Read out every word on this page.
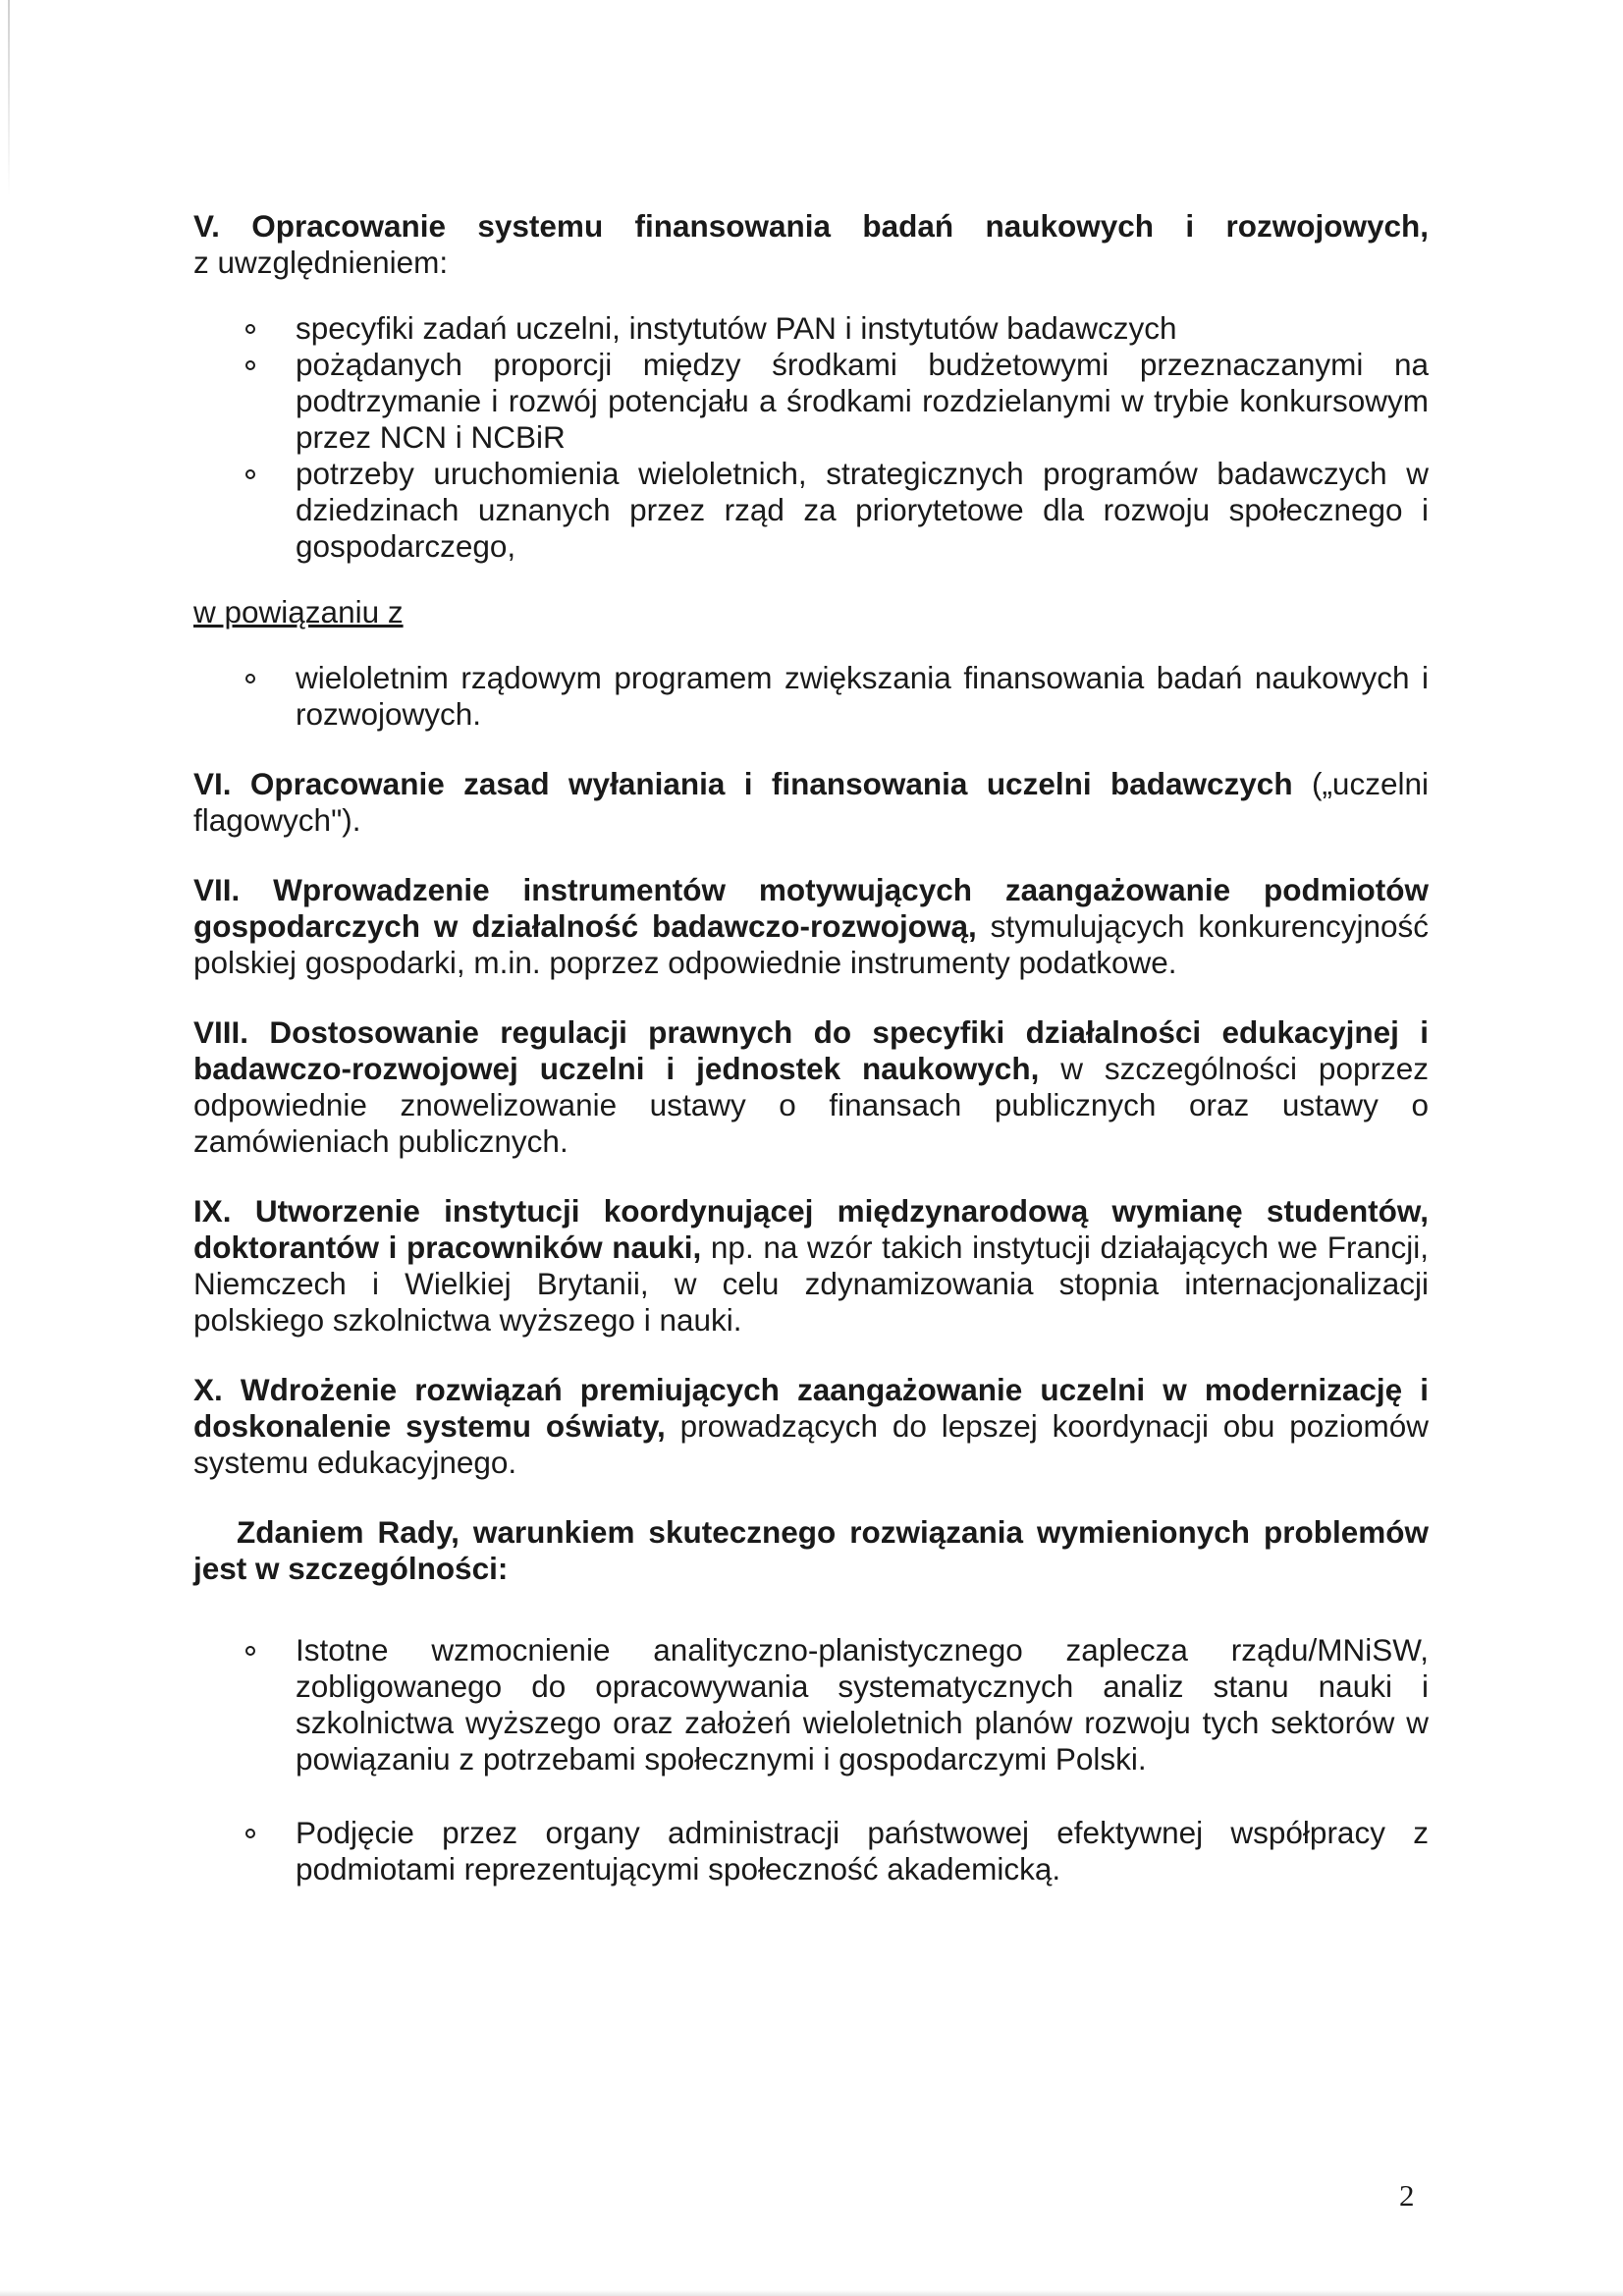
V. Opracowanie systemu finansowania badań naukowych i rozwojowych,
z uwzględnieniem:
specyfiki zadań uczelni, instytutów PAN i instytutów badawczych
pożądanych proporcji między środkami budżetowymi przeznaczanymi na podtrzymanie i rozwój potencjału a środkami rozdzielanymi w trybie konkursowym przez NCN i NCBiR
potrzeby uruchomienia wieloletnich, strategicznych programów badawczych w dziedzinach uznanych przez rząd za priorytetowe dla rozwoju społecznego i gospodarczego,
w powiązaniu z
wieloletnim rządowym programem zwiększania finansowania badań naukowych i rozwojowych.
VI. Opracowanie zasad wyłaniania i finansowania uczelni badawczych („uczelni flagowych").
VII. Wprowadzenie instrumentów motywujących zaangażowanie podmiotów gospodarczych w działalność badawczo-rozwojową, stymulujących konkurencyjność polskiej gospodarki, m.in. poprzez odpowiednie instrumenty podatkowe.
VIII. Dostosowanie regulacji prawnych do specyfiki działalności edukacyjnej i badawczo-rozwojowej uczelni i jednostek naukowych, w szczególności poprzez odpowiednie znowelizowanie ustawy o finansach publicznych oraz ustawy o zamówieniach publicznych.
IX. Utworzenie instytucji koordynującej międzynarodową wymianę studentów, doktorantów i pracowników nauki, np. na wzór takich instytucji działających we Francji, Niemczech i Wielkiej Brytanii, w celu zdynamizowania stopnia internacjonalizacji polskiego szkolnictwa wyższego i nauki.
X. Wdrożenie rozwiązań premiujących zaangażowanie uczelni w modernizację i doskonalenie systemu oświaty, prowadzących do lepszej koordynacji obu poziomów systemu edukacyjnego.
Zdaniem Rady, warunkiem skutecznego rozwiązania wymienionych problemów jest w szczególności:
Istotne wzmocnienie analityczno-planistycznego zaplecza rządu/MNiSW, zobligowanego do opracowywania systematycznych analiz stanu nauki i szkolnictwa wyższego oraz założeń wieloletnich planów rozwoju tych sektorów w powiązaniu z potrzebami społecznymi i gospodarczymi Polski.
Podjęcie przez organy administracji państwowej efektywnej współpracy z podmiotami reprezentującymi społeczność akademicką.
2
